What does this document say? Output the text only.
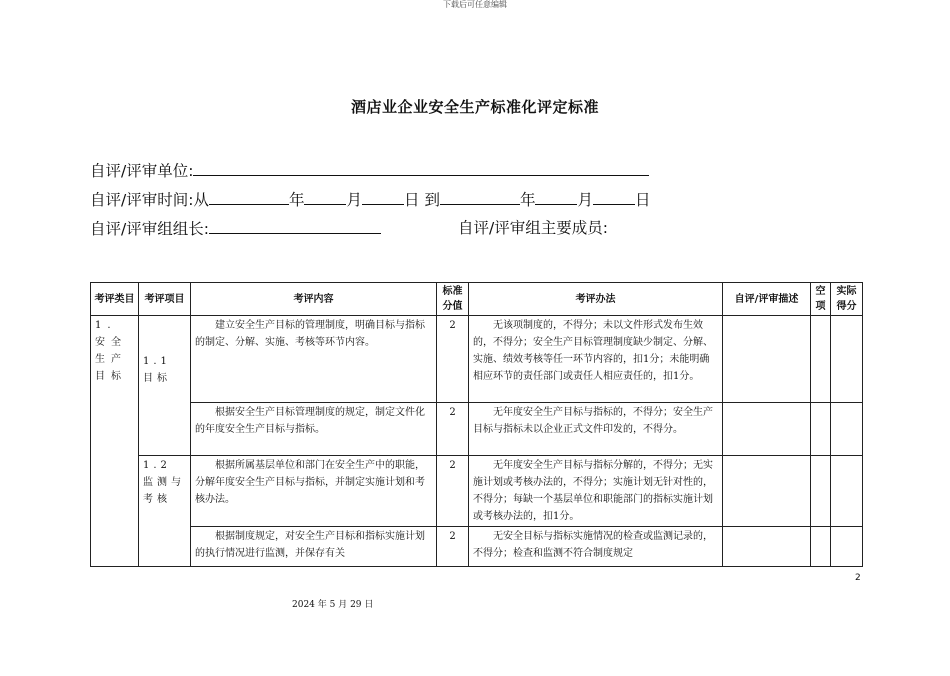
下载后可任意编辑
酒店业企业安全生产标准化评定标准
自评/评审单位:
自评/评审时间:从	年	月	日 到	年	月	日
自评/评审组组长:	自评/评审组主要成员:
考评类目	考评项目	考评内容	标准分值	考评办法	自评/评审描述	空项	实际得分
1. 安全生产目标	1.1 目标	建立安全生产目标的管理制度，明确目标与指标的制定、分解、实施、考核等环节内容。	2	无该项制度的，不得分；未以文件形式发布生效的，不得分；安全生产目标管理制度缺少制定、分解、实施、绩效考核等任一环节内容的，扣1分；未能明确相应环节的责任部门或责任人相应责任的，扣1分。			
		根据安全生产目标管理制度的规定，制定文件化的年度安全生产目标与指标。	2	无年度安全生产目标与指标的，不得分；安全生产目标与指标未以企业正式文件印发的，不得分。			
	1.2 监测与考核	根据所属基层单位和部门在安全生产中的职能，分解年度安全生产目标与指标，并制定实施计划和考核办法。	2	无年度安全生产目标与指标分解的，不得分；无实施计划或考核办法的，不得分；实施计划无针对性的，不得分；每缺一个基层单位和职能部门的指标实施计划或考核办法的，扣1分。			
		根据制度规定，对安全生产目标和指标实施计划的执行情况进行监测，并保存有关	2	无安全目标与指标实施情况的检查或监测记录的，不得分；检查和监测不符合制度规定			
2
2024 年 5 月 29 日
